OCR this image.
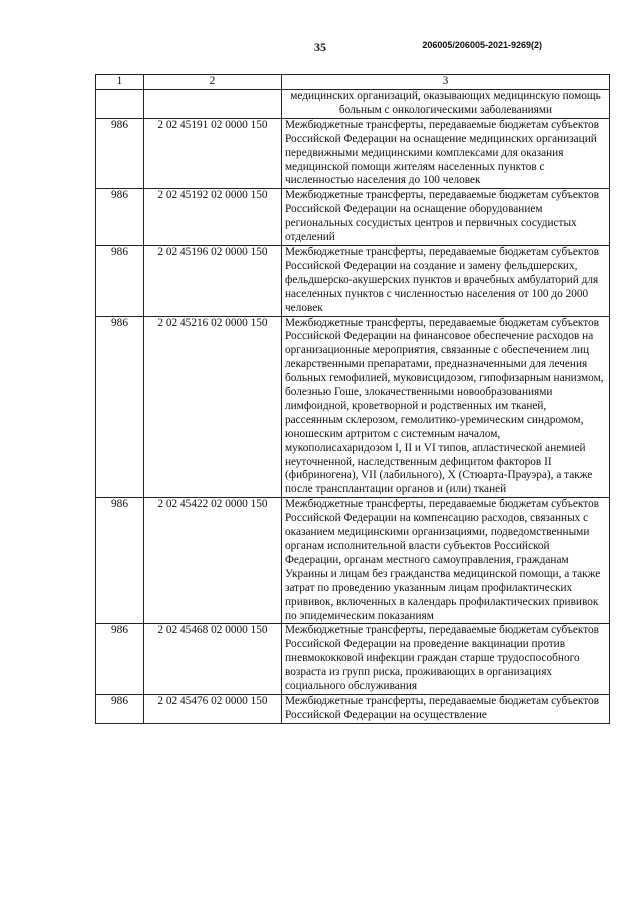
35	206005/206005-2021-9269(2)
1	2	3
		медицинских организаций, оказывающих медицинскую помощь больным с онкологическими заболеваниями
986	2 02 45191 02 0000 150	Межбюджетные трансферты, передаваемые бюджетам субъектов Российской Федерации на оснащение медицинских организаций передвижными медицинскими комплексами для оказания медицинской помощи жителям населенных пунктов с численностью населения до 100 человек
986	2 02 45192 02 0000 150	Межбюджетные трансферты, передаваемые бюджетам субъектов Российской Федерации на оснащение оборудованием региональных сосудистых центров и первичных сосудистых отделений
986	2 02 45196 02 0000 150	Межбюджетные трансферты, передаваемые бюджетам субъектов Российской Федерации на создание и замену фельдшерских, фельдшерско-акушерских пунктов и врачебных амбулаторий для населенных пунктов с численностью населения от 100 до 2000 человек
986	2 02 45216 02 0000 150	Межбюджетные трансферты, передаваемые бюджетам субъектов Российской Федерации на финансовое обеспечение расходов на организационные мероприятия, связанные с обеспечением лиц лекарственными препаратами, предназначенными для лечения больных гемофилией, муковисцидозом, гипофизарным нанизмом, болезнью Гоше, злокачественными новообразованиями лимфоидной, кроветворной и родственных им тканей, рассеянным склерозом, гемолитико-уремическим синдромом, юношеским артритом с системным началом, мукополисахаридозом I, II и VI типов, апластической анемией неуточненной, наследственным дефицитом факторов II (фибриногена), VII (лабильного), X (Стюарта-Прауэра), а также после трансплантации органов и (или) тканей
986	2 02 45422 02 0000 150	Межбюджетные трансферты, передаваемые бюджетам субъектов Российской Федерации на компенсацию расходов, связанных с оказанием медицинскими организациями, подведомственными органам исполнительной власти субъектов Российской Федерации, органам местного самоуправления, гражданам Украины и лицам без гражданства медицинской помощи, а также затрат по проведению указанным лицам профилактических прививок, включенных в календарь профилактических прививок по эпидемическим показаниям
986	2 02 45468 02 0000 150	Межбюджетные трансферты, передаваемые бюджетам субъектов Российской Федерации на проведение вакцинации против пневмококковой инфекции граждан старше трудоспособного возраста из групп риска, проживающих в организациях социального обслуживания
986	2 02 45476 02 0000 150	Межбюджетные трансферты, передаваемые бюджетам субъектов Российской Федерации на осуществление
